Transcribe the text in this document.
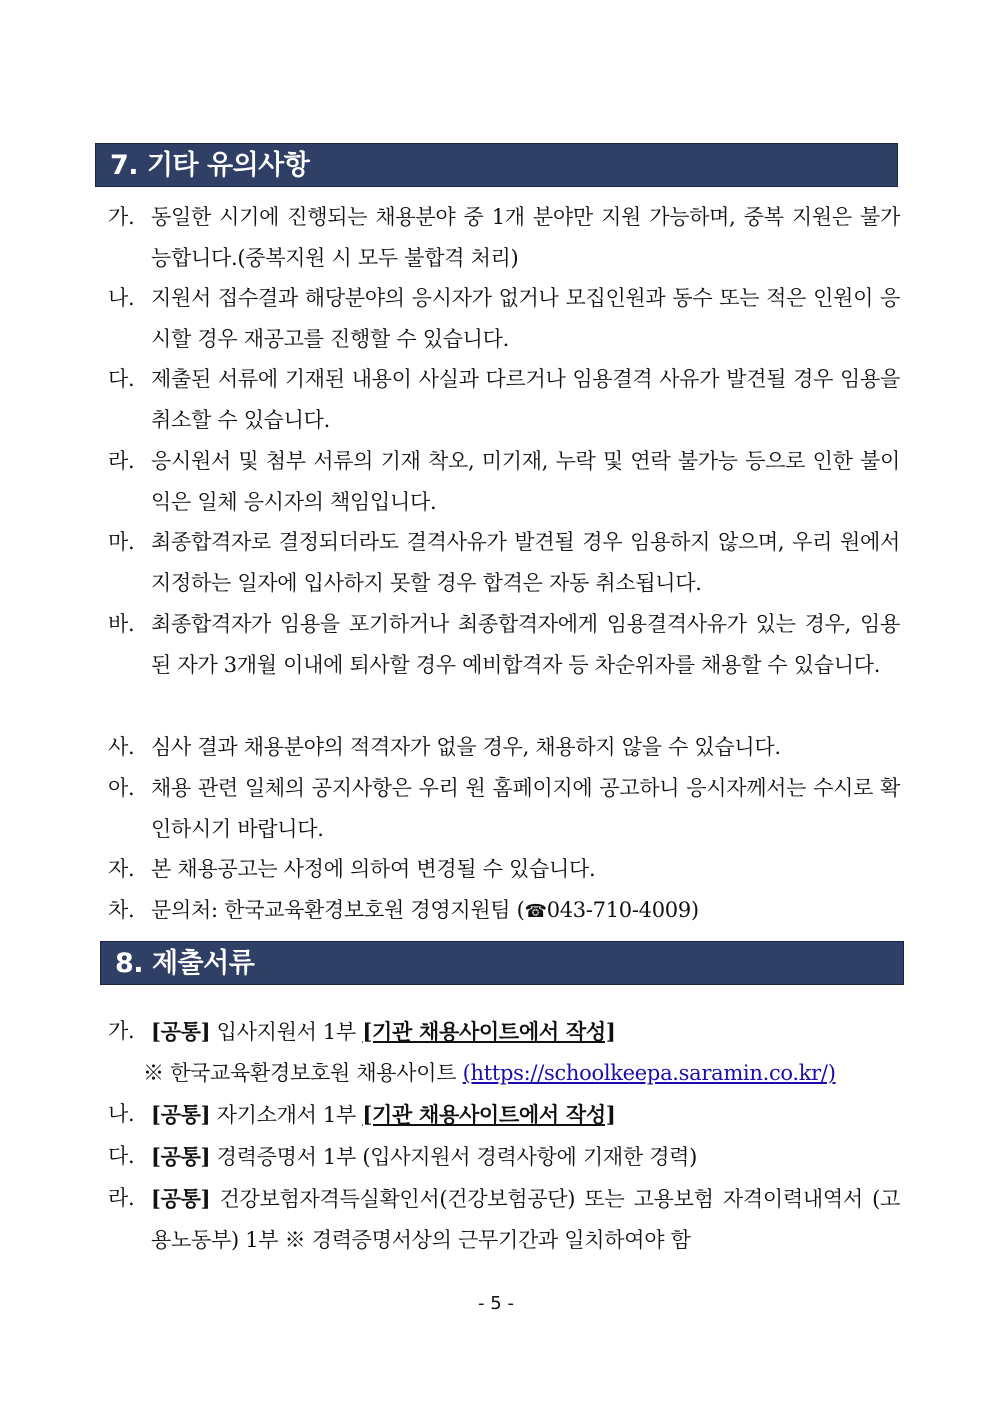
7. 기타 유의사항
가. 동일한 시기에 진행되는 채용분야 중 1개 분야만 지원 가능하며, 중복 지원은 불가능합니다.(중복지원 시 모두 불합격 처리)
나. 지원서 접수결과 해당분야의 응시자가 없거나 모집인원과 동수 또는 적은 인원이 응시할 경우 재공고를 진행할 수 있습니다.
다. 제출된 서류에 기재된 내용이 사실과 다르거나 임용결격 사유가 발견될 경우 임용을 취소할 수 있습니다.
라. 응시원서 및 첨부 서류의 기재 착오, 미기재, 누락 및 연락 불가능 등으로 인한 불이익은 일체 응시자의 책임입니다.
마. 최종합격자로 결정되더라도 결격사유가 발견될 경우 임용하지 않으며, 우리 원에서 지정하는 일자에 입사하지 못할 경우 합격은 자동 취소됩니다.
바. 최종합격자가 임용을 포기하거나 최종합격자에게 임용결격사유가 있는 경우, 임용된 자가 3개월 이내에 퇴사할 경우 예비합격자 등 차순위자를 채용할 수 있습니다.
사. 심사 결과 채용분야의 적격자가 없을 경우, 채용하지 않을 수 있습니다.
아. 채용 관련 일체의 공지사항은 우리 원 홈페이지에 공고하니 응시자께서는 수시로 확인하시기 바랍니다.
자. 본 채용공고는 사정에 의하여 변경될 수 있습니다.
차. 문의처: 한국교육환경보호원 경영지원팀 (☎043-710-4009)
8. 제출서류
가. [공통] 입사지원서 1부 [기관 채용사이트에서 작성]
※ 한국교육환경보호원 채용사이트 (https://schoolkeepa.saramin.co.kr/)
나. [공통] 자기소개서 1부 [기관 채용사이트에서 작성]
다. [공통] 경력증명서 1부 (입사지원서 경력사항에 기재한 경력)
라. [공통] 건강보험자격득실확인서(건강보험공단) 또는 고용보험 자격이력내역서 (고용노동부) 1부 ※ 경력증명서상의 근무기간과 일치하여야 함
- 5 -
